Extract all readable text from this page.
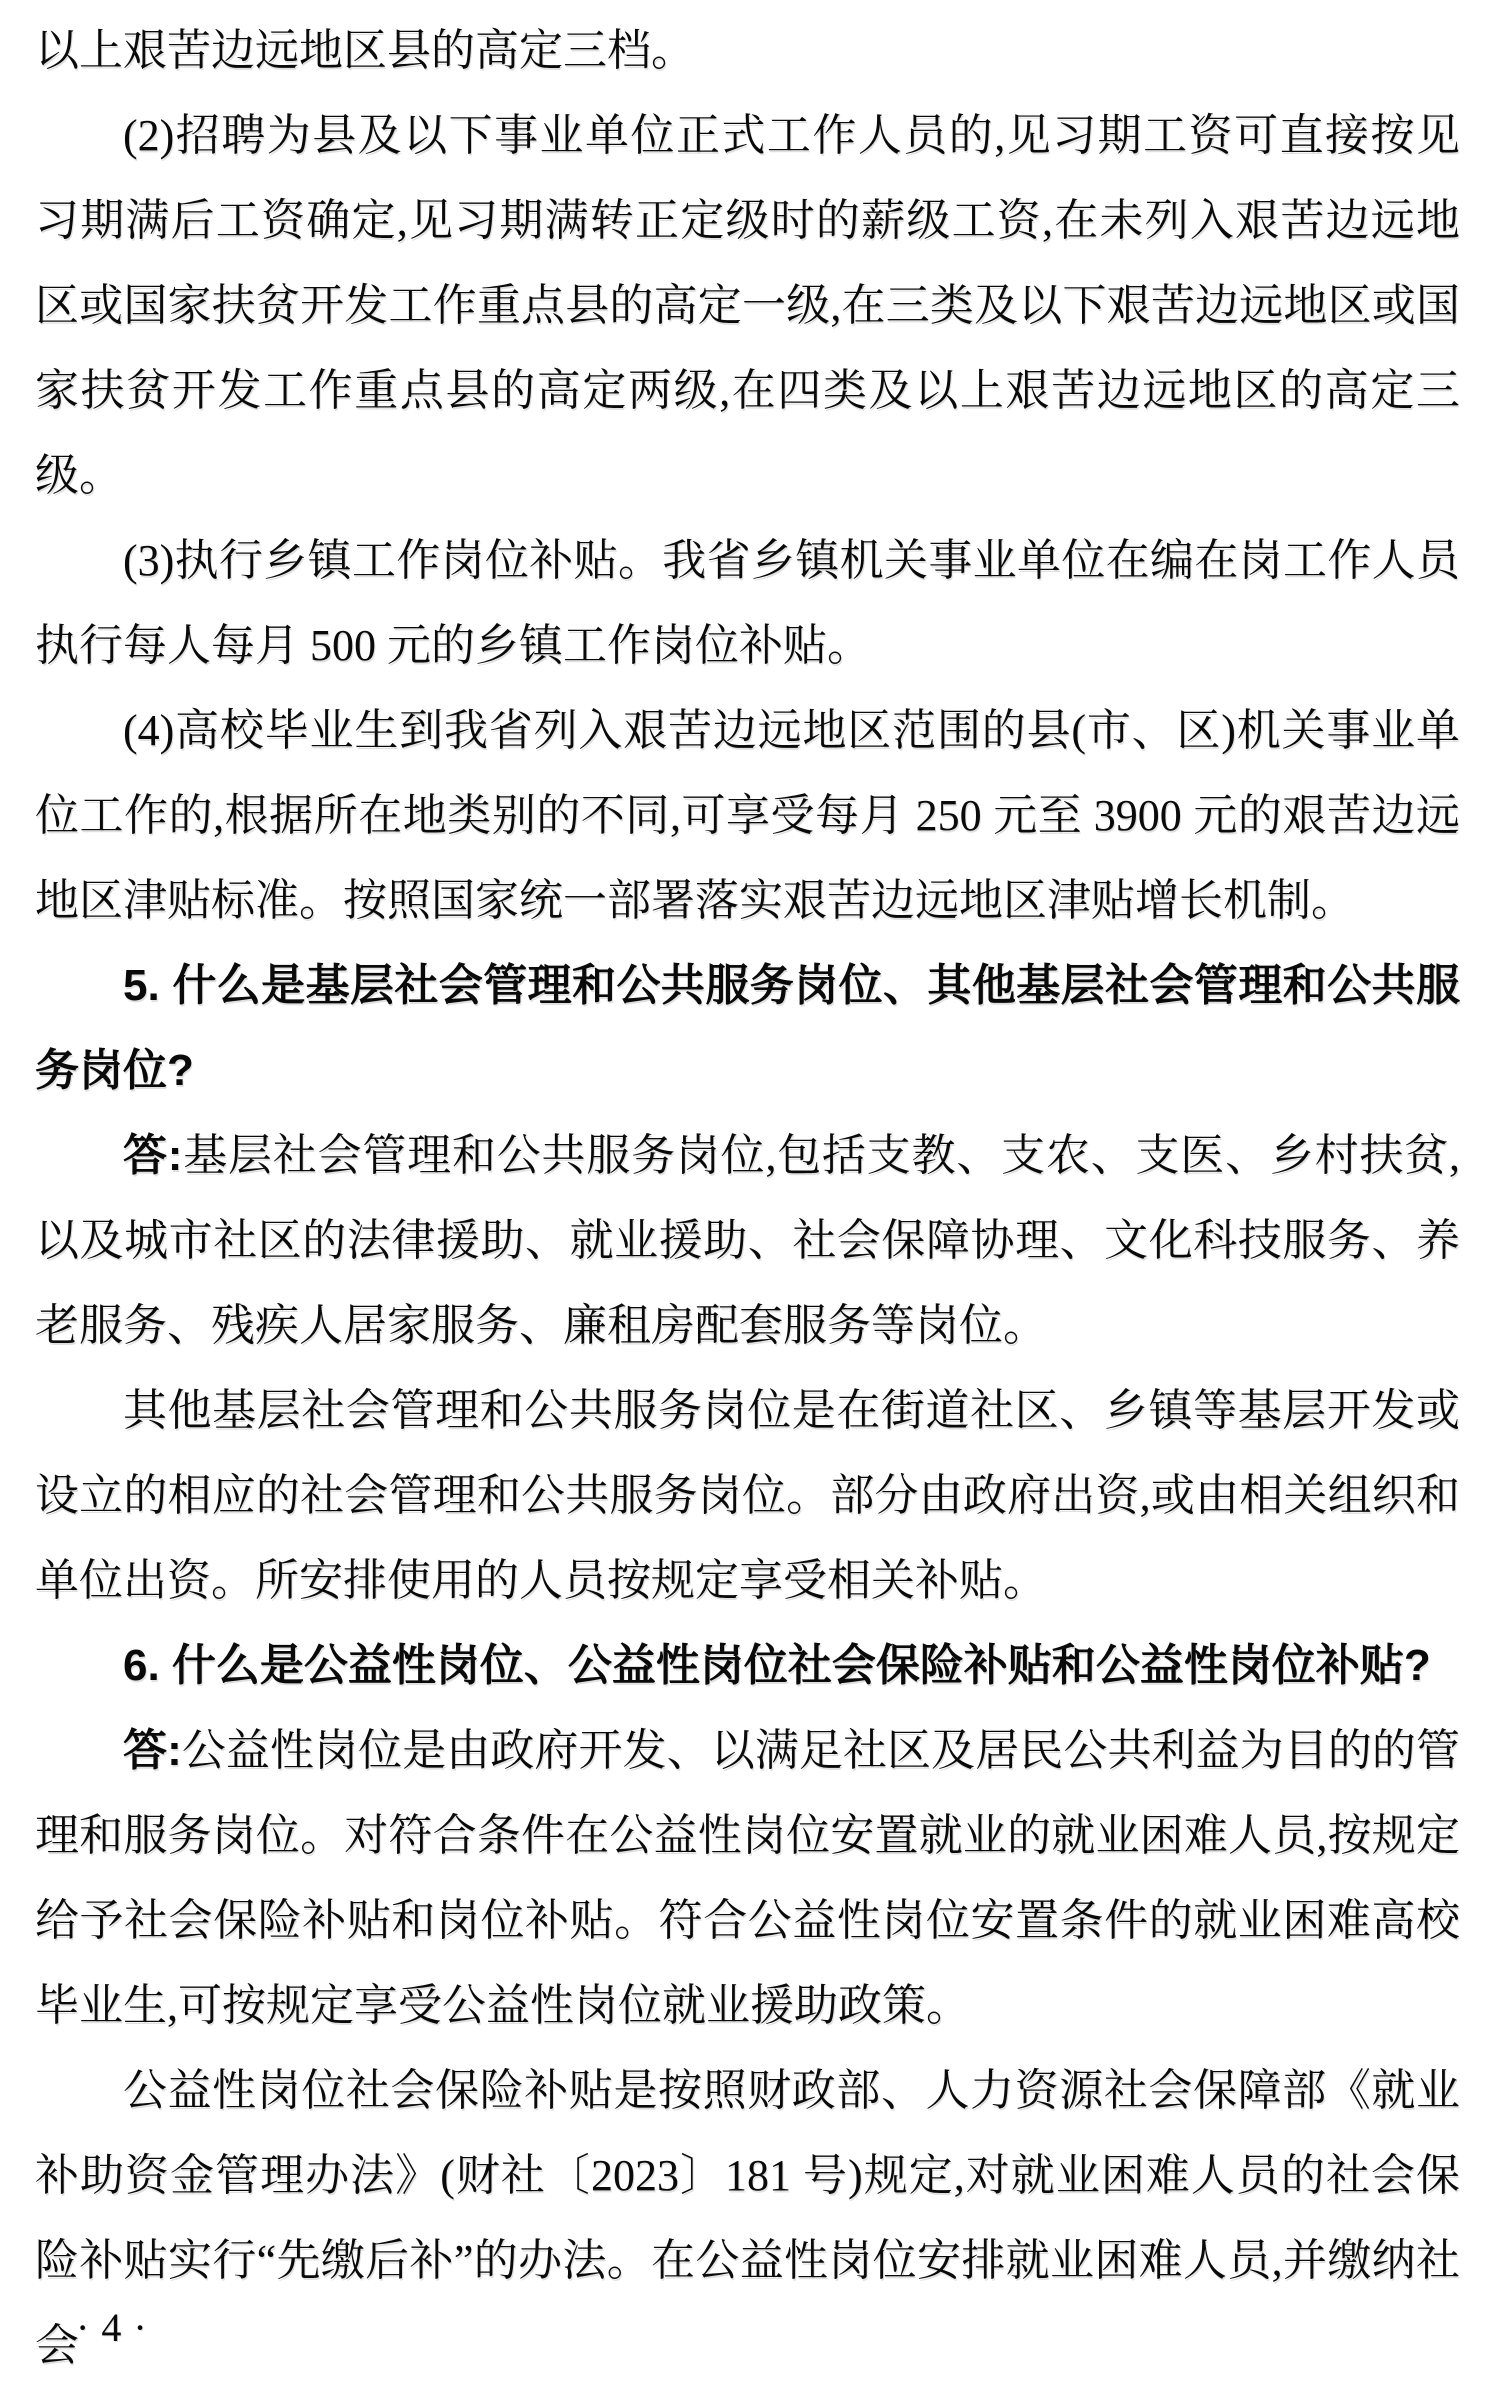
以上艰苦边远地区县的高定三档。

(2)招聘为县及以下事业单位正式工作人员的,见习期工资可直接按见习期满后工资确定,见习期满转正定级时的薪级工资,在未列入艰苦边远地区或国家扶贫开发工作重点县的高定一级,在三类及以下艰苦边远地区或国家扶贫开发工作重点县的高定两级,在四类及以上艰苦边远地区的高定三级。

(3)执行乡镇工作岗位补贴。我省乡镇机关事业单位在编在岗工作人员执行每人每月 500 元的乡镇工作岗位补贴。

(4)高校毕业生到我省列入艰苦边远地区范围的县(市、区)机关事业单位工作的,根据所在地类别的不同,可享受每月 250 元至 3900 元的艰苦边远地区津贴标准。按照国家统一部署落实艰苦边远地区津贴增长机制。

5. 什么是基层社会管理和公共服务岗位、其他基层社会管理和公共服务岗位?

答:基层社会管理和公共服务岗位,包括支教、支农、支医、乡村扶贫,以及城市社区的法律援助、就业援助、社会保障协理、文化科技服务、养老服务、残疾人居家服务、廉租房配套服务等岗位。

其他基层社会管理和公共服务岗位是在街道社区、乡镇等基层开发或设立的相应的社会管理和公共服务岗位。部分由政府出资,或由相关组织和单位出资。所安排使用的人员按规定享受相关补贴。

6. 什么是公益性岗位、公益性岗位社会保险补贴和公益性岗位补贴?

答:公益性岗位是由政府开发、以满足社区及居民公共利益为目的的管理和服务岗位。对符合条件在公益性岗位安置就业的就业困难人员,按规定给予社会保险补贴和岗位补贴。符合公益性岗位安置条件的就业困难高校毕业生,可按规定享受公益性岗位就业援助政策。

公益性岗位社会保险补贴是按照财政部、人力资源社会保障部《就业补助资金管理办法》(财社〔2023〕181 号)规定,对就业困难人员的社会保险补贴实行“先缴后补”的办法。在公益性岗位安排就业困难人员,并缴纳社会

·4·
